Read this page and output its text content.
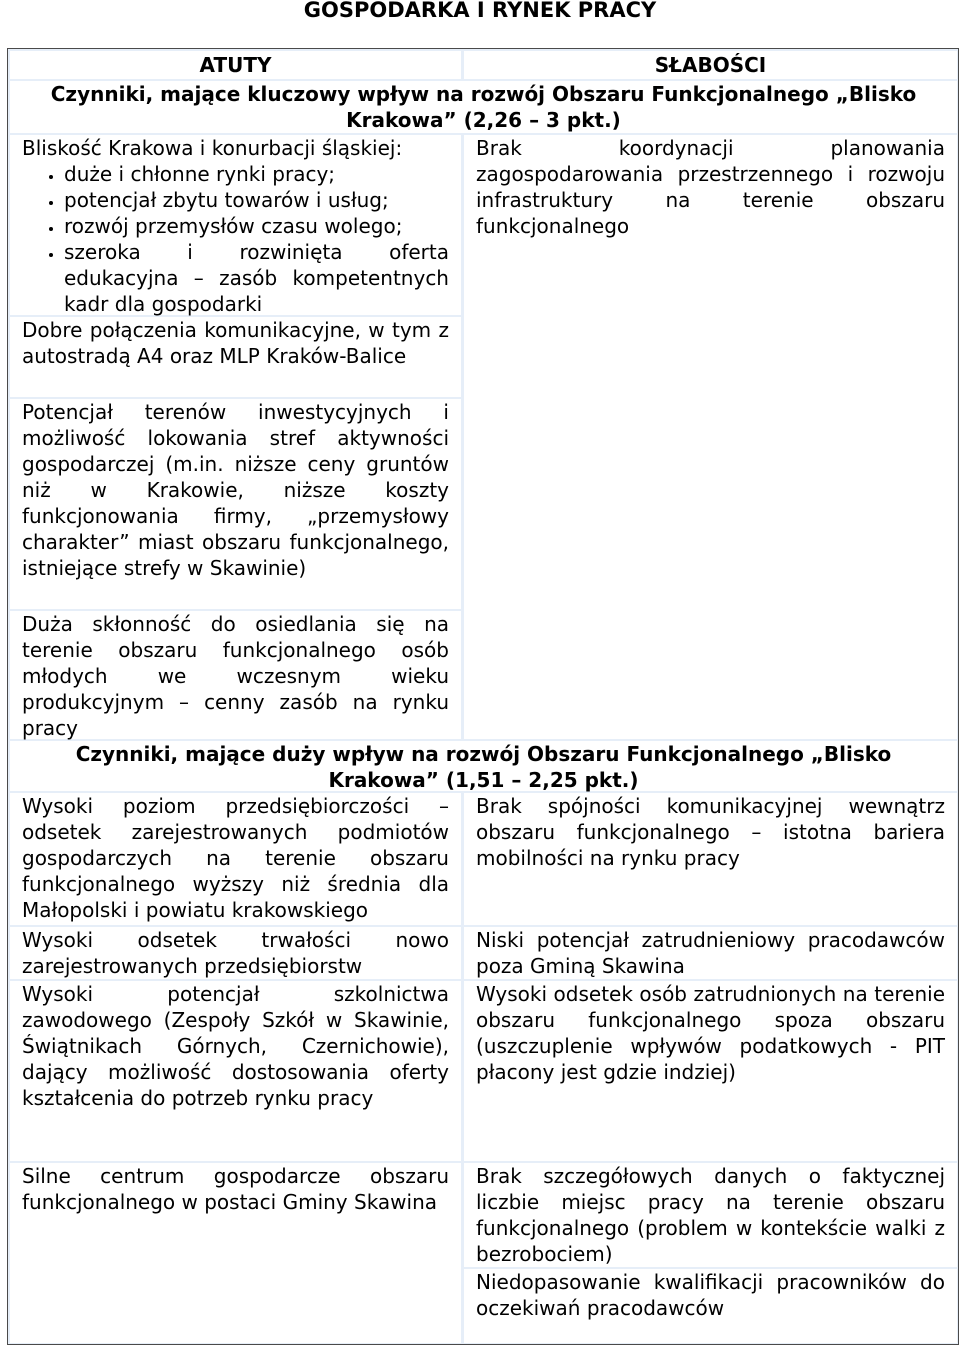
GOSPODARKA I RYNEK PRACY
ATUTY	SŁABOŚCI
Czynniki, mające kluczowy wpływ na rozwój Obszaru Funkcjonalnego „Blisko Krakowa” (2,26 – 3 pkt.)
Bliskość Krakowa i konurbacji śląskiej:
• duże i chłonne rynki pracy;
• potencjał zbytu towarów i usług;
• rozwój przemysłów czasu wolego;
• szeroka i rozwinięta oferta edukacyjna – zasób kompetentnych kadr dla gospodarki
Dobre połączenia komunikacyjne, w tym z autostradą A4 oraz MLP Kraków-Balice
Potencjał terenów inwestycyjnych i możliwość lokowania stref aktywności gospodarczej (m.in. niższe ceny gruntów niż w Krakowie, niższe koszty funkcjonowania firmy, „przemysłowy charakter” miast obszaru funkcjonalnego, istniejące strefy w Skawinie)
Duża skłonność do osiedlania się na terenie obszaru funkcjonalnego osób młodych we wczesnym wieku produkcyjnym – cenny zasób na rynku pracy
Brak koordynacji planowania zagospodarowania przestrzennego i rozwoju infrastruktury na terenie obszaru funkcjonalnego
Czynniki, mające duży wpływ na rozwój Obszaru Funkcjonalnego „Blisko Krakowa” (1,51 – 2,25 pkt.)
Wysoki poziom przedsiębiorczości – odsetek zarejestrowanych podmiotów gospodarczych na terenie obszaru funkcjonalnego wyższy niż średnia dla Małopolski i powiatu krakowskiego
Brak spójności komunikacyjnej wewnątrz obszaru funkcjonalnego – istotna bariera mobilności na rynku pracy
Wysoki odsetek trwałości nowo zarejestrowanych przedsiębiorstw
Niski potencjał zatrudnieniowy pracodawców poza Gminą Skawina
Wysoki potencjał szkolnictwa zawodowego (Zespoły Szkół w Skawinie, Świątnikach Górnych, Czernichowie), dający możliwość dostosowania oferty kształcenia do potrzeb rynku pracy
Wysoki odsetek osób zatrudnionych na terenie obszaru funkcjonalnego spoza obszaru (uszczuplenie wpływów podatkowych - PIT płacony jest gdzie indziej)
Silne centrum gospodarcze obszaru funkcjonalnego w postaci Gminy Skawina
Brak szczegółowych danych o faktycznej liczbie miejsc pracy na terenie obszaru funkcjonalnego (problem w kontekście walki z bezrobociem)
Niedopasowanie kwalifikacji pracowników do oczekiwań pracodawców
